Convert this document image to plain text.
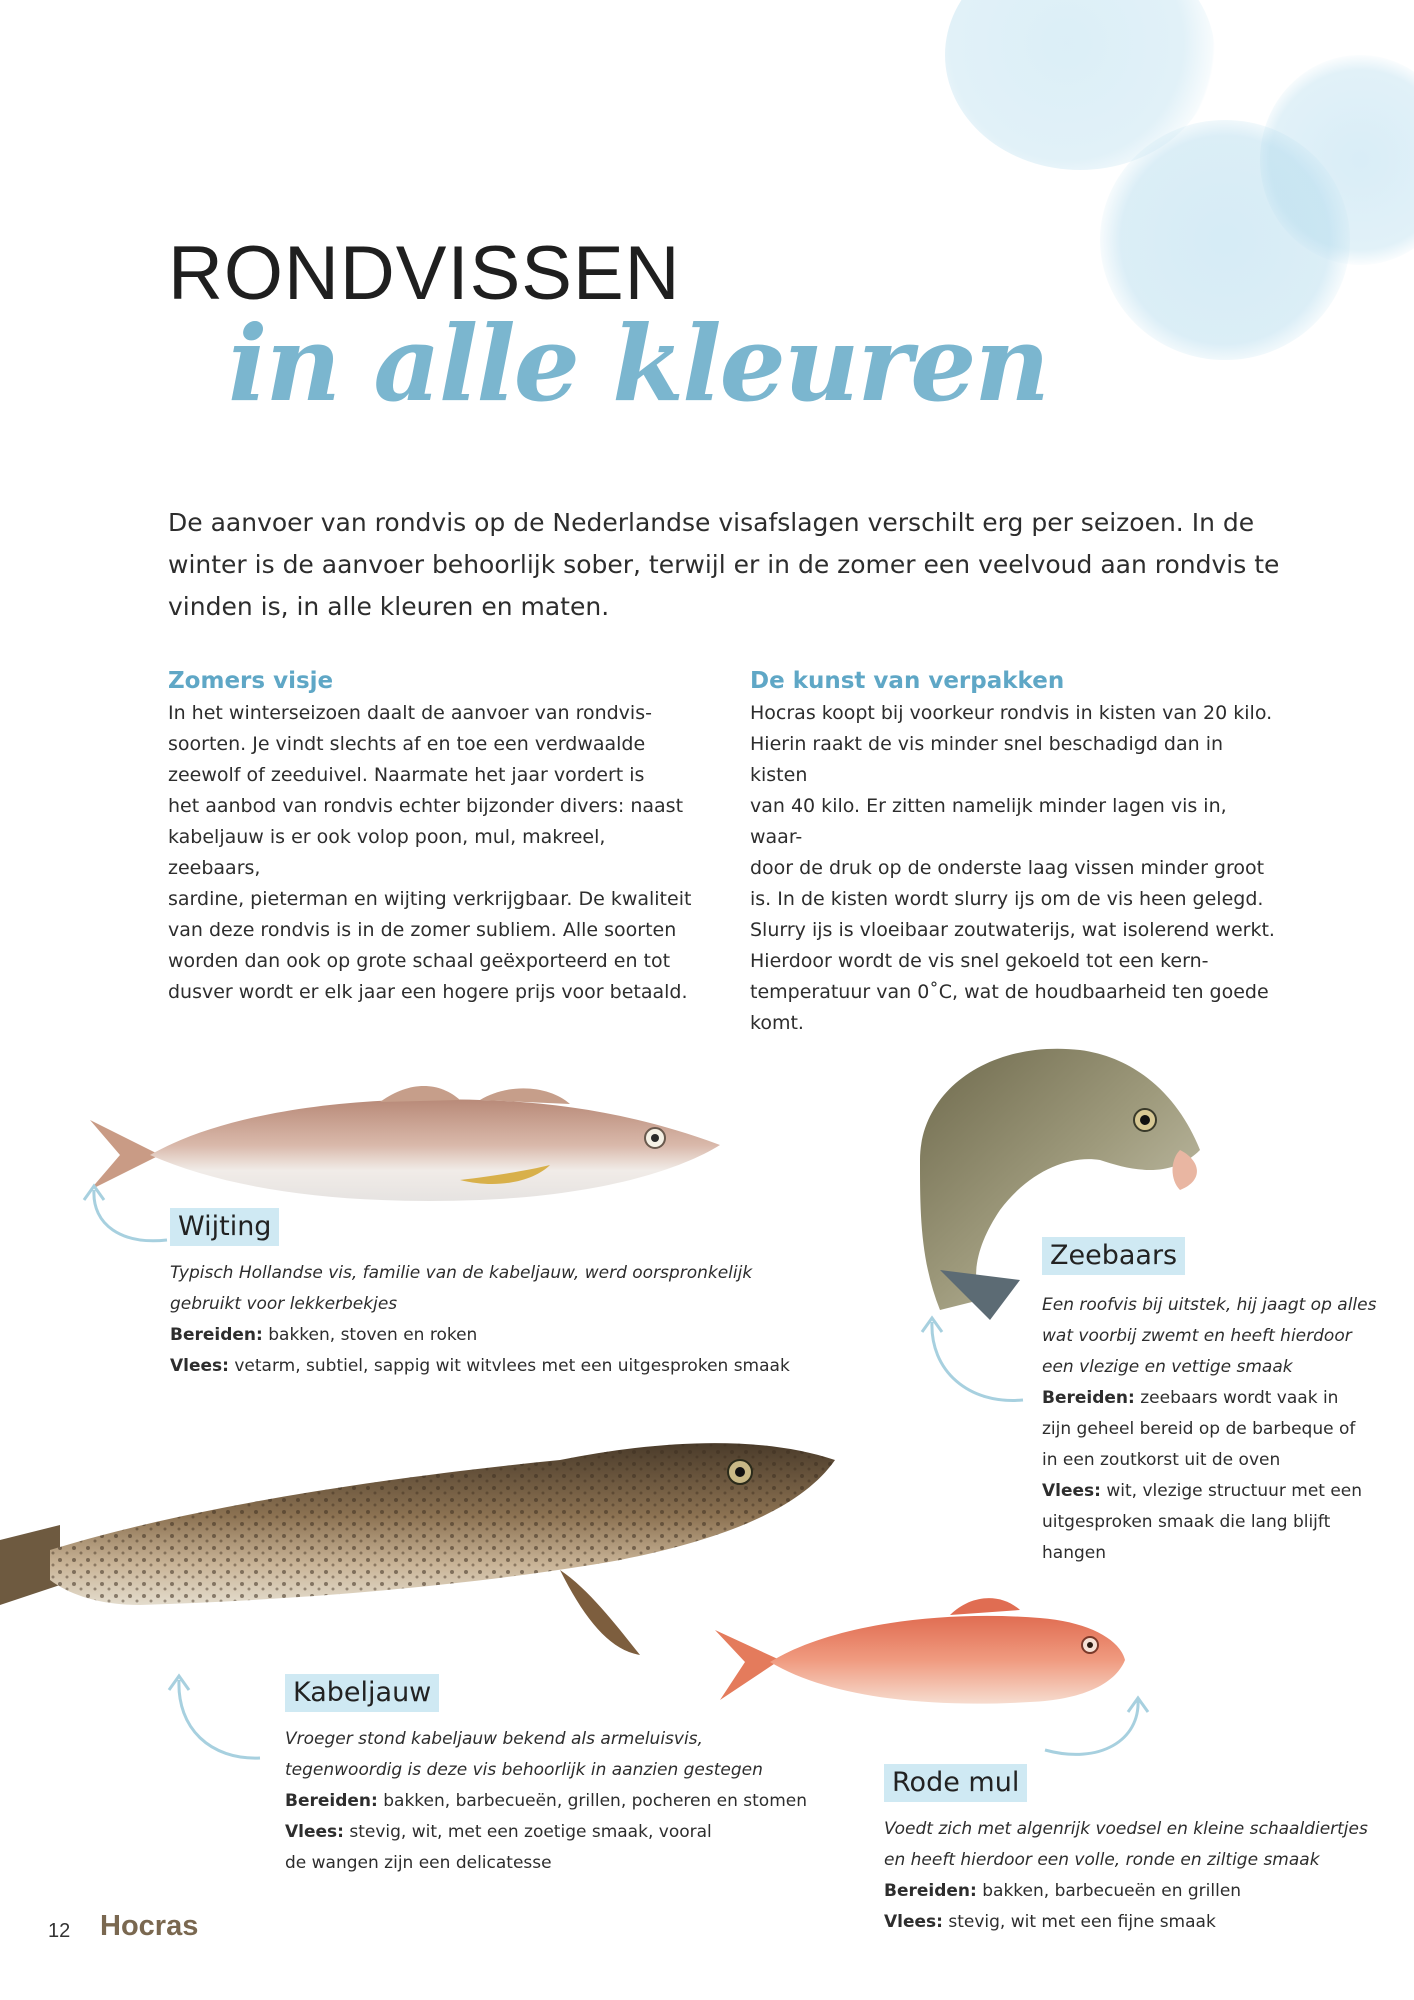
RONDVISSEN
in alle kleuren

De aanvoer van rondvis op de Nederlandse visafslagen verschilt erg per seizoen. In de winter is de aanvoer behoorlijk sober, terwijl er in de zomer een veelvoud aan rondvis te vinden is, in alle kleuren en maten.

Zomers visje

In het winterseizoen daalt de aanvoer van rondvis-
soorten. Je vindt slechts af en toe een verdwaalde
zeewolf of zeeduivel. Naarmate het jaar vordert is
het aanbod van rondvis echter bijzonder divers: naast
kabeljauw is er ook volop poon, mul, makreel, zeebaars,
sardine, pieterman en wijting verkrijgbaar. De kwaliteit
van deze rondvis is in de zomer subliem. Alle soorten
worden dan ook op grote schaal geëxporteerd en tot
dusver wordt er elk jaar een hogere prijs voor betaald.

De kunst van verpakken

Hocras koopt bij voorkeur rondvis in kisten van 20 kilo.
Hierin raakt de vis minder snel beschadigd dan in kisten
van 40 kilo. Er zitten namelijk minder lagen vis in, waar-
door de druk op de onderste laag vissen minder groot
is. In de kisten wordt slurry ijs om de vis heen gelegd.
Slurry ijs is vloeibaar zoutwaterijs, wat isolerend werkt.
Hierdoor wordt de vis snel gekoeld tot een kern-
temperatuur van 0˚C, wat de houdbaarheid ten goede
komt.

Wijting
Typisch Hollandse vis, familie van de kabeljauw, werd oorspronkelijk
gebruikt voor lekkerbekjes
Bereiden: bakken, stoven en roken
Vlees: vetarm, subtiel, sappig wit witvlees met een uitgesproken smaak
Zeebaars
Een roofvis bij uitstek, hij jaagt op alles
wat voorbij zwemt en heeft hierdoor
een vlezige en vettige smaak
Bereiden: zeebaars wordt vaak in
zijn geheel bereid op de barbeque of
in een zoutkorst uit de oven
Vlees: wit, vlezige structuur met een
uitgesproken smaak die lang blijft
hangen
Kabeljauw
Vroeger stond kabeljauw bekend als armeluisvis,
tegenwoordig is deze vis behoorlijk in aanzien gestegen
Bereiden: bakken, barbecueën, grillen, pocheren en stomen
Vlees: stevig, wit, met een zoetige smaak, vooral
de wangen zijn een delicatesse
Rode mul
Voedt zich met algenrijk voedsel en kleine schaaldiertjes
en heeft hierdoor een volle, ronde en ziltige smaak
Bereiden: bakken, barbecueën en grillen
Vlees: stevig, wit met een fijne smaak
12 Hocras
